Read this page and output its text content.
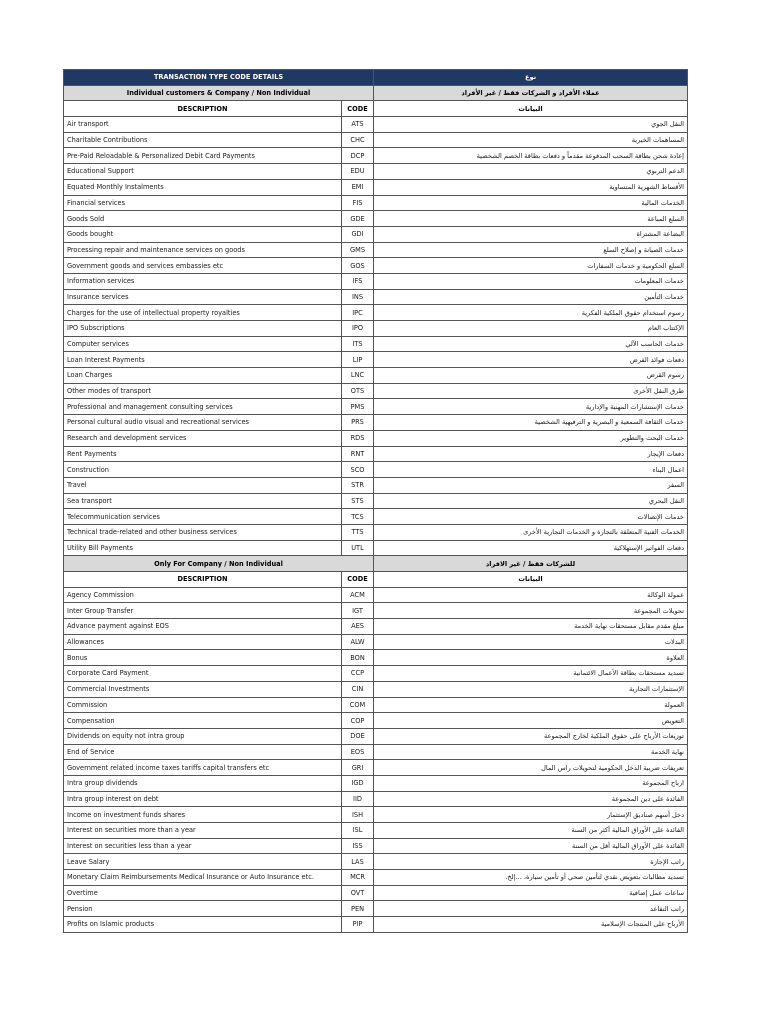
TRANSACTION TYPE CODE DETAILS		نوع
Individual customers & Company / Non Individual		عملاء الأفراد و الشركات فقط / غير الأفراد
DESCRIPTION	CODE	البيانات
Air transport	ATS	النقل الجوي
Charitable Contributions	CHC	المساهمات الخيرية
Pre-Paid Reloadable & Personalized Debit Card Payments	DCP	إعادة شحن بطاقة السحب المدفوعة مقدماً و دفعات بطاقة الخصم الشخصية
Educational Support	EDU	الدعم التربوي
Equated Monthly Instalments	EMI	الأقساط الشهرية المتساوية
Financial services	FIS	الخدمات المالية
Goods Sold	GDE	السلع المباعة
Goods bought	GDI	البضاعة المشتراة
Processing repair and maintenance services on goods	GMS	خدمات الصيانة و إصلاح السلع
Government goods and services embassies etc	GOS	السلع الحكومية و خدمات السفارات
Information services	IFS	خدمات المعلومات
Insurance services	INS	خدمات التأمين
Charges for the use of intellectual property royalties	IPC	رسوم استخدام حقوق الملكية الفكرية
IPO Subscriptions	IPO	الإكتتاب العام
Computer services	ITS	خدمات الحاسب الآلي
Loan Interest Payments	LIP	دفعات فوائد القرض
Loan Charges	LNC	رسوم القرض
Other modes of transport	OTS	طرق النقل الأخرى
Professional and management consulting services	PMS	خدمات الإستشارات المهنية والإدارية
Personal cultural audio visual and recreational services	PRS	خدمات الثقافة السمعية و البصرية و الترفيهية الشخصية
Research and development services	RDS	خدمات البحث والتطوير
Rent Payments	RNT	دفعات الإيجار
Construction	SCO	اعمال البناء
Travel	STR	السفر
Sea transport	STS	النقل البحري
Telecommunication services	TCS	خدمات الإتصالات
Technical trade-related and other business services	TTS	الخدمات الفنية المتعلقة بالتجارة و الخدمات التجارية الأخرى
Utility Bill Payments	UTL	دفعات الفواتير الإستهلاكية
Only For Company / Non Individual		للشركات فقط / غير الافراد
DESCRIPTION	CODE	البيانات
Agency Commission	ACM	عمولة الوكالة
Inter Group Transfer	IGT	تحويلات المجموعة
Advance payment against EOS	AES	مبلغ مقدم مقابل مستحقات نهاية الخدمة
Allowances	ALW	البدلات
Bonus	BON	العلاوة
Corporate Card Payment	CCP	تسديد مستحقات بطاقة الأعمال الائتمانية
Commercial Investments	CIN	الإستثمارات التجارية
Commission	COM	العمولة
Compensation	COP	التعويض
Dividends on equity not intra group	DOE	توزيعات الأرباح على حقوق الملكية لخارج المجموعة
End of Service	EOS	نهاية الخدمة
Government related income taxes tariffs capital transfers etc	GRI	تعريفات ضريبة الدخل الحكومية لتحويلات راس المال
Intra group dividends	IGD	ارباح المجموعة
Intra group interest on debt	IID	الفائدة على دين المجموعة
Income on investment funds shares	ISH	دخل أسهم صناديق الإستثمار
Interest on securities more than a year	ISL	الفائدة على الأوراق المالية أكثر من السنة
Interest on securities less than a year	ISS	الفائدة على الأوراق المالية أقل من السنة
Leave Salary	LAS	راتب الإجازة
Monetary Claim Reimbursements Medical Insurance or Auto Insurance etc.	MCR	تسديد مطالبات بتعويض نقدي لتأمين صحي أو تأمين سيارة، ...إلخ.
Overtime	OVT	ساعات عمل إضافية
Pension	PEN	راتب التقاعد
Profits on Islamic products	PIP	الأرباح على المنتجات الإسلامية
